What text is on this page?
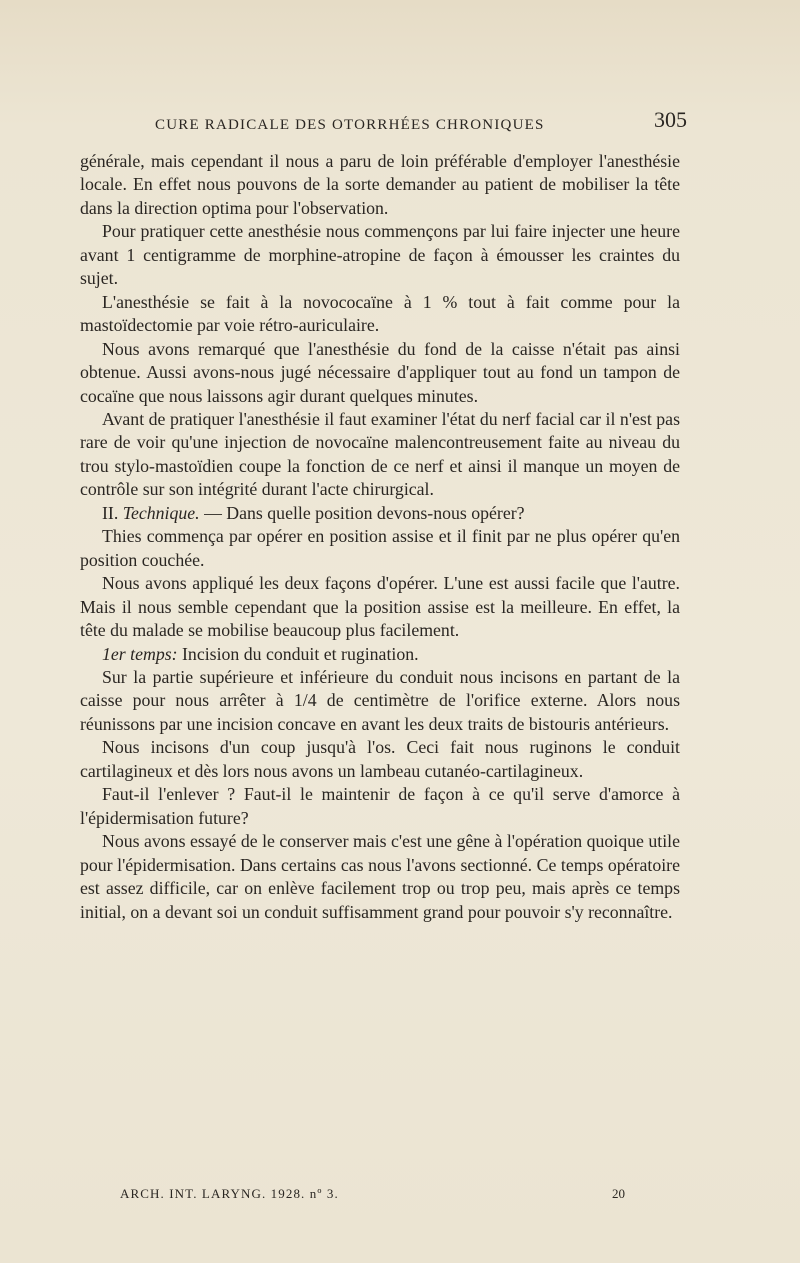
CURE RADICALE DES OTORRHÉES CHRONIQUES	305

générale, mais cependant il nous a paru de loin préférable d'employer l'anesthésie locale. En effet nous pouvons de la sorte demander au patient de mobiliser la tête dans la direction optima pour l'observation.

Pour pratiquer cette anesthésie nous commençons par lui faire injecter une heure avant 1 centigramme de morphine-atropine de façon à émousser les craintes du sujet.

L'anesthésie se fait à la novococaïne à 1 % tout à fait comme pour la mastoïdectomie par voie rétro-auriculaire.

Nous avons remarqué que l'anesthésie du fond de la caisse n'était pas ainsi obtenue. Aussi avons-nous jugé nécessaire d'appliquer tout au fond un tampon de cocaïne que nous laissons agir durant quelques minutes.

Avant de pratiquer l'anesthésie il faut examiner l'état du nerf facial car il n'est pas rare de voir qu'une injection de novocaïne malencontreusement faite au niveau du trou stylo-mastoïdien coupe la fonction de ce nerf et ainsi il manque un moyen de contrôle sur son intégrité durant l'acte chirurgical.

II. Technique. — Dans quelle position devons-nous opérer?

Thies commença par opérer en position assise et il finit par ne plus opérer qu'en position couchée.

Nous avons appliqué les deux façons d'opérer. L'une est aussi facile que l'autre. Mais il nous semble cependant que la position assise est la meilleure. En effet, la tête du malade se mobilise beaucoup plus facilement.

1er temps: Incision du conduit et rugination.

Sur la partie supérieure et inférieure du conduit nous incisons en partant de la caisse pour nous arrêter à 1/4 de centimètre de l'orifice externe. Alors nous réunissons par une incision concave en avant les deux traits de bistouris antérieurs.

Nous incisons d'un coup jusqu'à l'os. Ceci fait nous ruginons le conduit cartilagineux et dès lors nous avons un lambeau cutanéo-cartilagineux.

Faut-il l'enlever ? Faut-il le maintenir de façon à ce qu'il serve d'amorce à l'épidermisation future?

Nous avons essayé de le conserver mais c'est une gêne à l'opération quoique utile pour l'épidermisation. Dans certains cas nous l'avons sectionné. Ce temps opératoire est assez difficile, car on enlève facilement trop ou trop peu, mais après ce temps initial, on a devant soi un conduit suffisamment grand pour pouvoir s'y reconnaître.

ARCH. INT. LARYNG. 1928. nº 3.	20
